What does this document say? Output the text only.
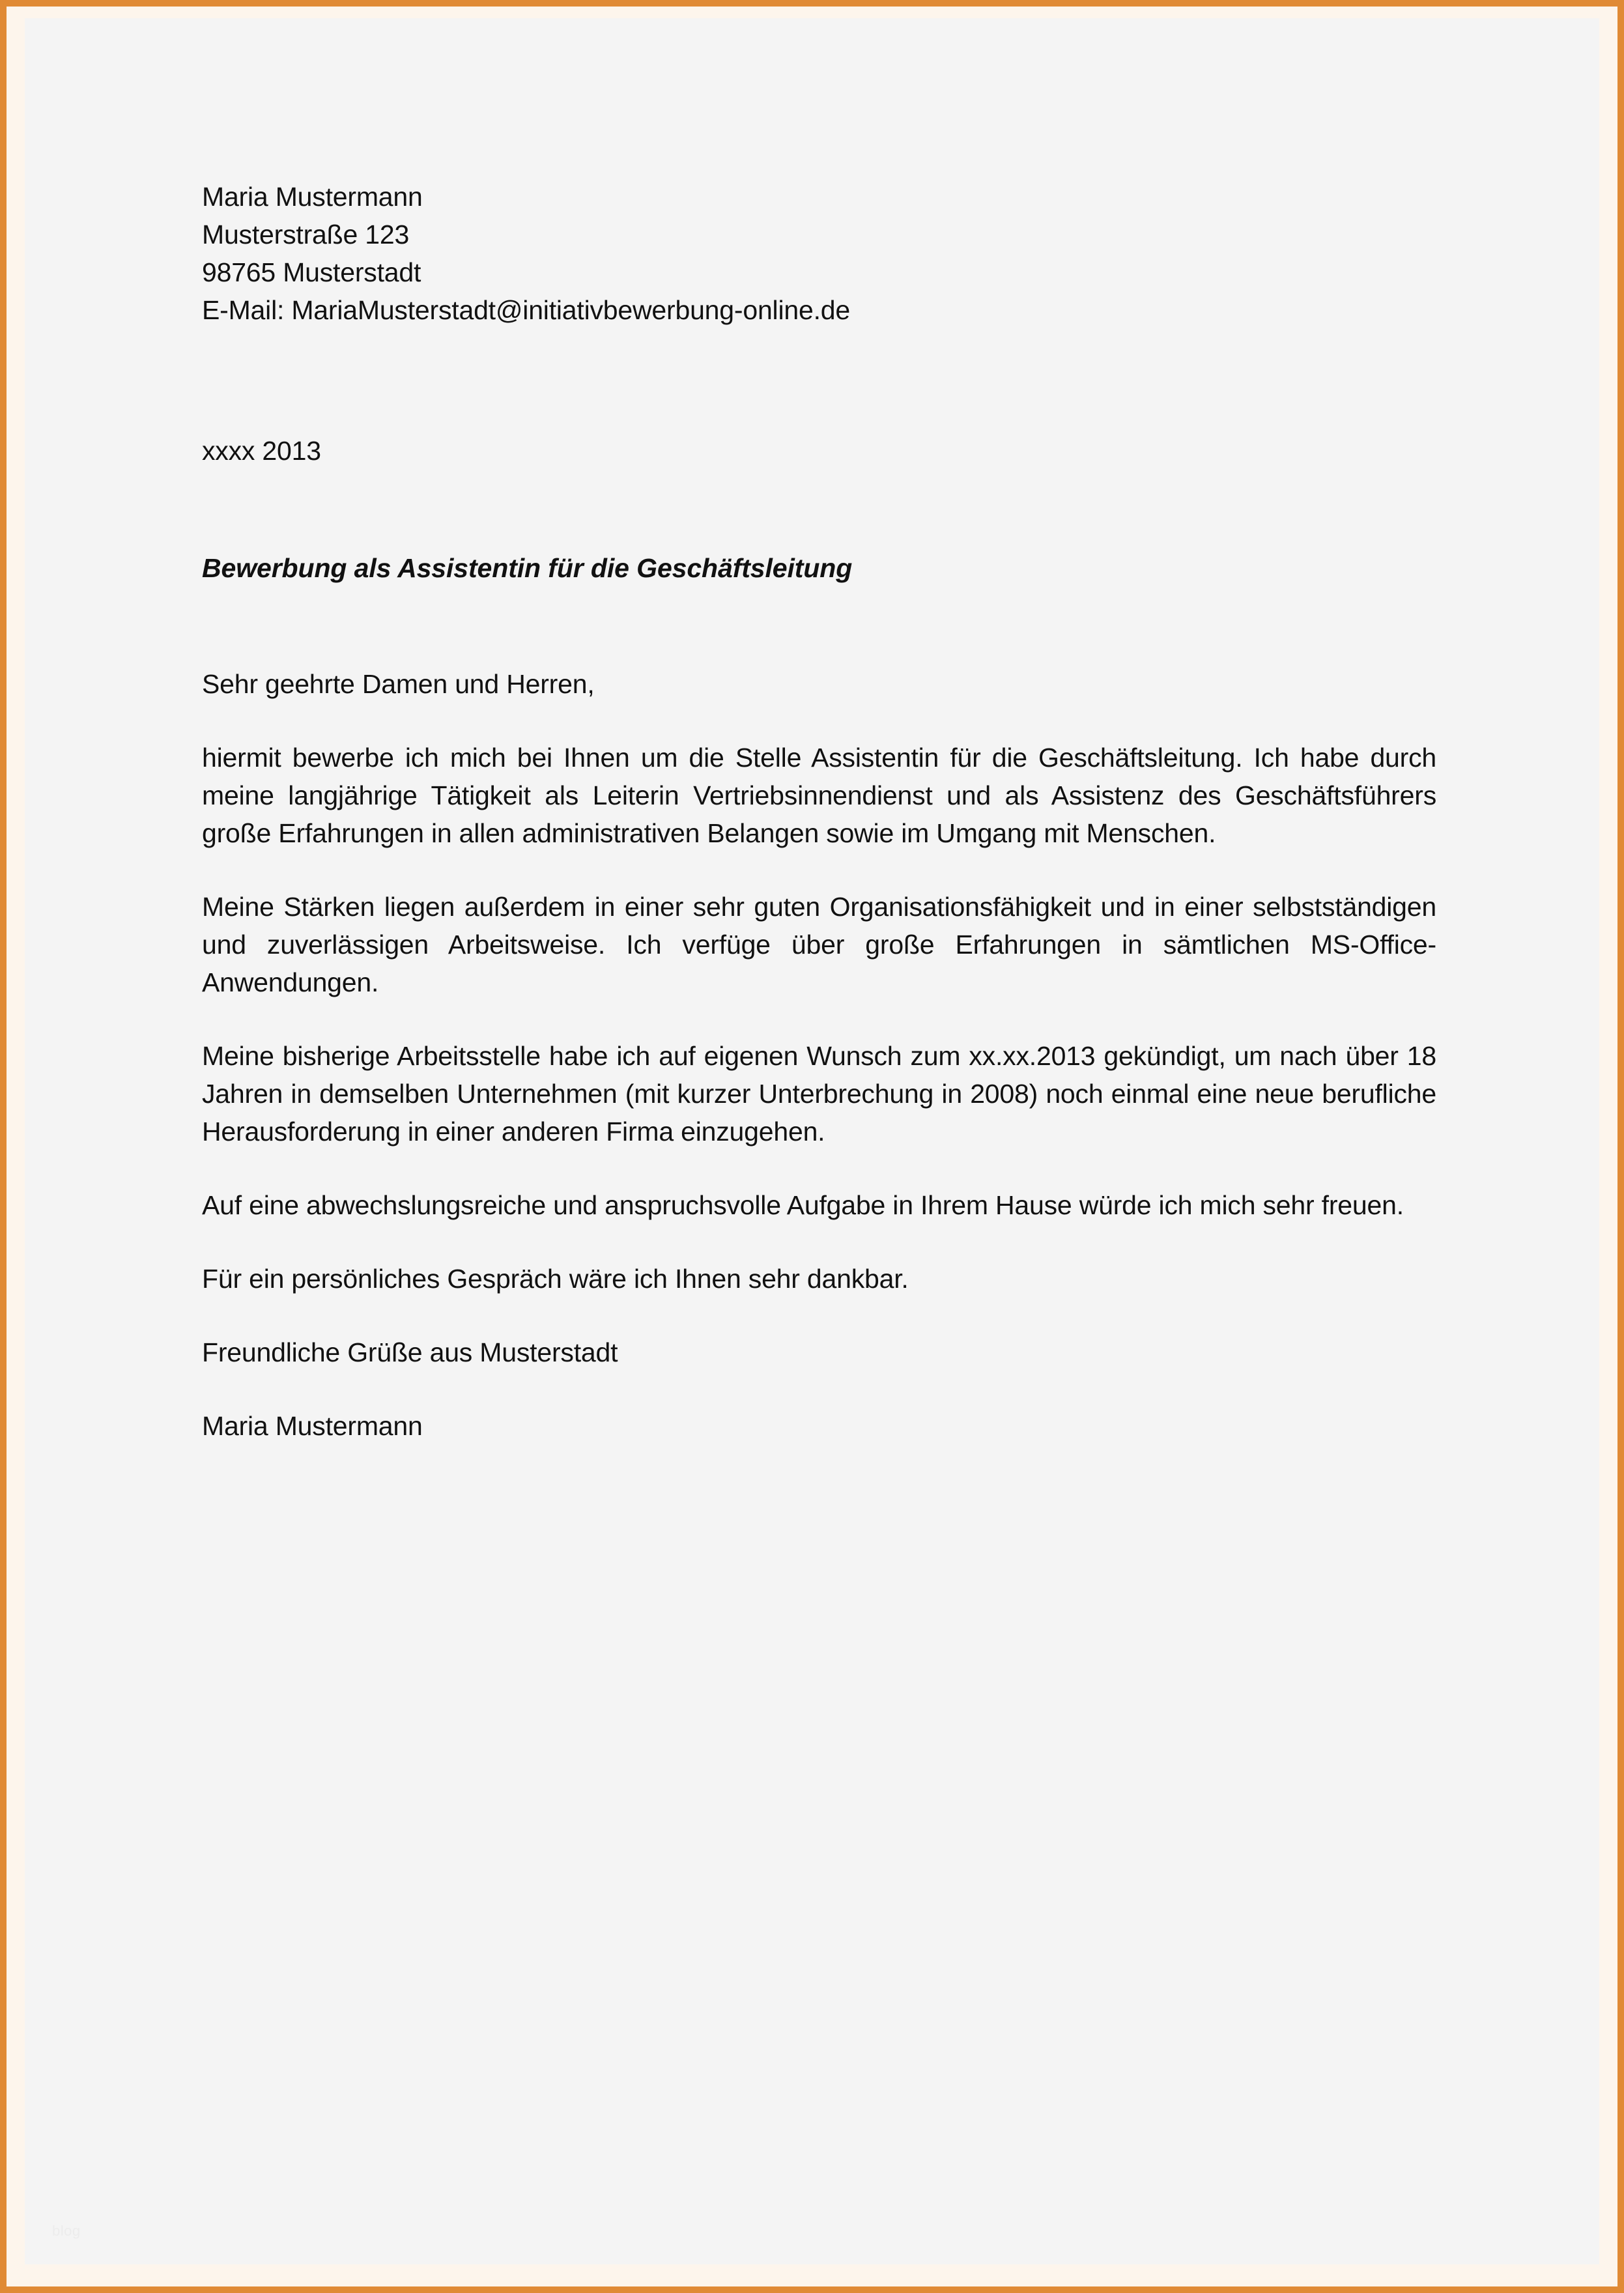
Maria Mustermann
Musterstraße 123
98765 Musterstadt
E-Mail: MariaMusterstadt@initiativbewerbung-online.de
xxxx 2013
Bewerbung als Assistentin für die Geschäftsleitung
Sehr geehrte Damen und Herren,

hiermit bewerbe ich mich bei Ihnen um die Stelle Assistentin für die Geschäftsleitung. Ich habe durch meine langjährige Tätigkeit als Leiterin Vertriebsinnendienst und als Assistenz des Geschäftsführers große Erfahrungen in allen administrativen Belangen sowie im Umgang mit Menschen.

Meine Stärken liegen außerdem in einer sehr guten Organisationsfähigkeit und in einer selbstständigen und zuverlässigen Arbeitsweise. Ich verfüge über große Erfahrungen in sämtlichen MS-Office-Anwendungen.

Meine bisherige Arbeitsstelle habe ich auf eigenen Wunsch zum xx.xx.2013 gekündigt, um nach über 18 Jahren in demselben Unternehmen (mit kurzer Unterbrechung in 2008) noch einmal eine neue berufliche Herausforderung in einer anderen Firma einzugehen.

Auf eine abwechslungsreiche und anspruchsvolle Aufgabe in Ihrem Hause würde ich mich sehr freuen.

Für ein persönliches Gespräch wäre ich Ihnen sehr dankbar.

Freundliche Grüße aus Musterstadt
Maria Mustermann
blog
